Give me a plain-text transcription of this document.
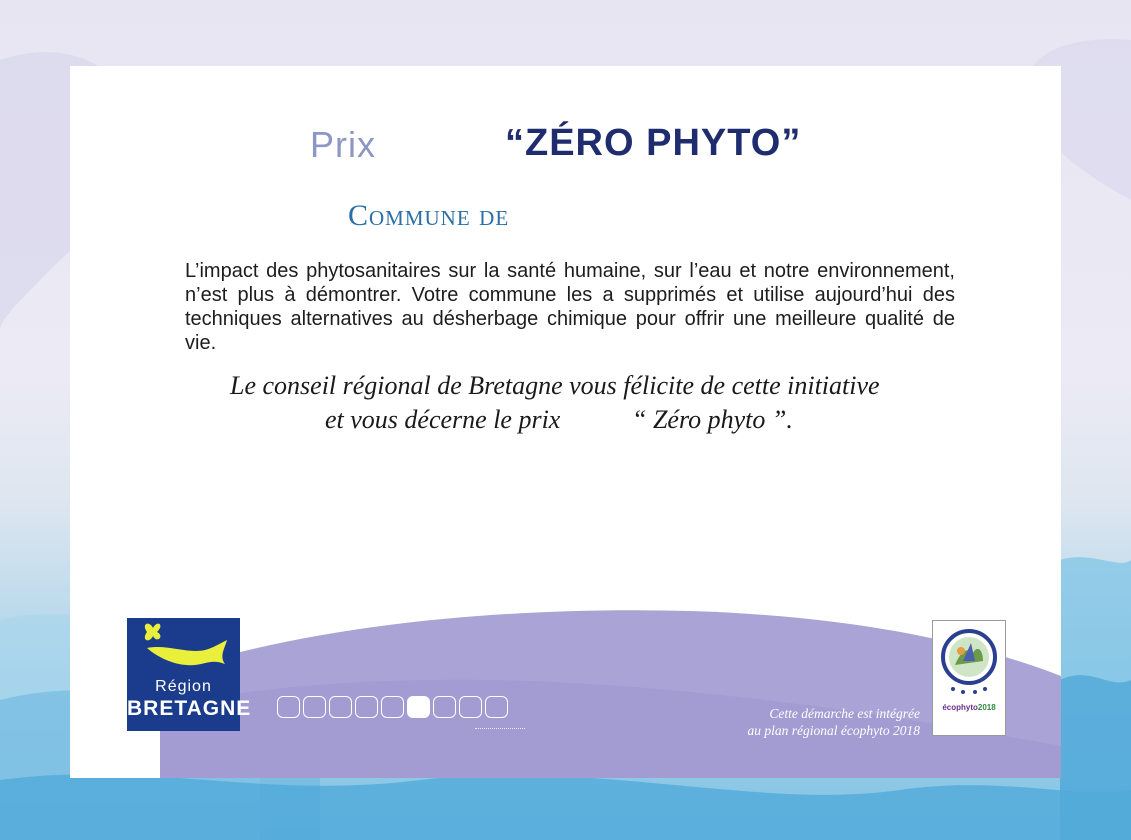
Prix	“ZÉRO PHYTO”
Commune de
L’impact des phytosanitaires sur la santé humaine, sur l’eau et notre environnement, n’est plus à démontrer. Votre commune les a supprimés et utilise aujourd’hui des techniques alternatives au désherbage chimique pour offrir une meilleure qualité de vie.
Le conseil régional de Bretagne vous félicite de cette initiative
et vous décerne le prix	“ Zéro phyto ”.
Région
BRETAGNE	Cette démarche est intégrée
au plan régional écophyto 2018
écophyto2018
